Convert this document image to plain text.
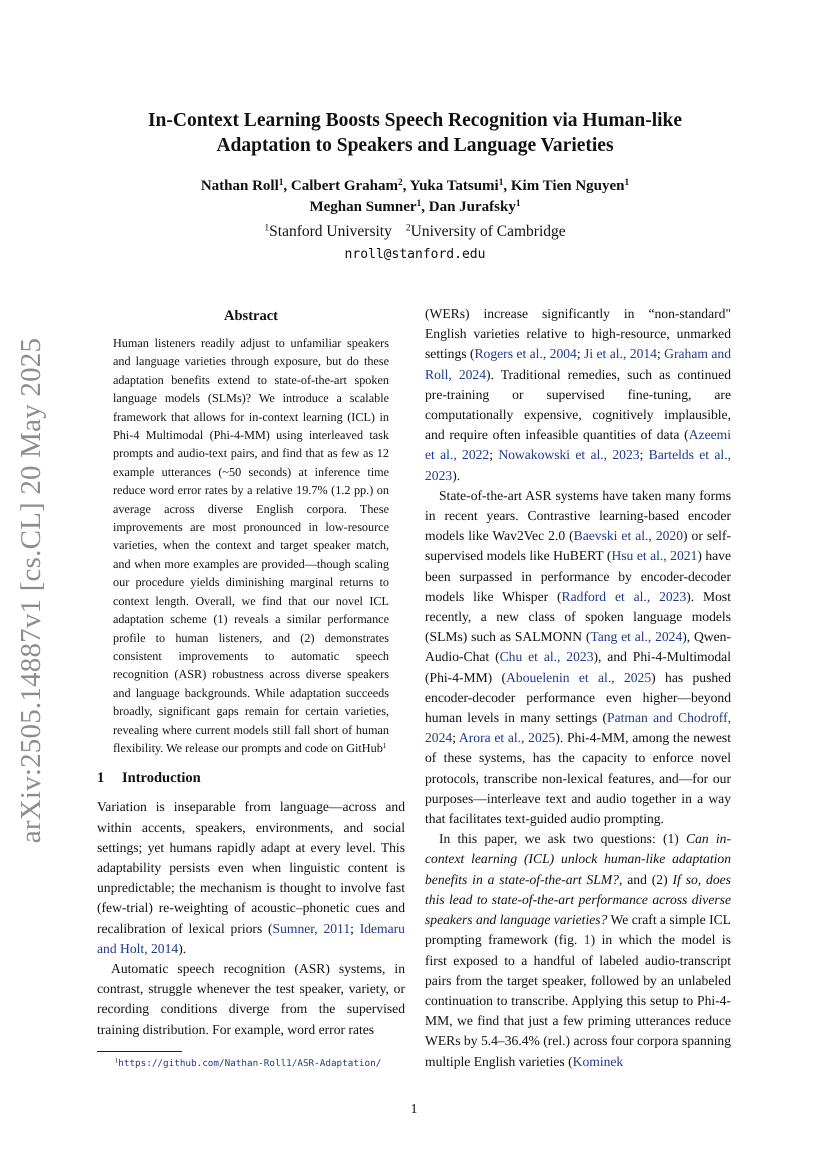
arXiv:2505.14887v1 [cs.CL] 20 May 2025
In-Context Learning Boosts Speech Recognition via Human-like
Adaptation to Speakers and Language Varieties
Nathan Roll$^1$, Calbert Graham$^2$, Yuka Tatsumi$^1$, Kim Tien Nguyen$^1$
Meghan Sumner$^1$, Dan Jurafsky$^1$
$^1$Stanford University $^2$University of Cambridge
nroll@stanford.edu

Abstract

Human listeners readily adjust to unfamiliar speakers and language varieties through exposure, but do these adaptation benefits extend to state-of-the-art spoken language models (SLMs)? We introduce a scalable framework that allows for in-context learning (ICL) in Phi-4 Multimodal (Phi-4-MM) using interleaved task prompts and audio-text pairs, and find that as few as 12 example utterances (~50 seconds) at inference time reduce word error rates by a relative 19.7% (1.2 pp.) on average across diverse English corpora. These improvements are most pronounced in low-resource varieties, when the context and target speaker match, and when more examples are provided—though scaling our procedure yields diminishing marginal returns to context length. Overall, we find that our novel ICL adaptation scheme (1) reveals a similar performance profile to human listeners, and (2) demonstrates consistent improvements to automatic speech recognition (ASR) robustness across diverse speakers and language backgrounds. While adaptation succeeds broadly, significant gaps remain for certain varieties, revealing where current models still fall short of human flexibility. We release our prompts and code on GitHub$^1$

1 Introduction

Variation is inseparable from language—across and within accents, speakers, environments, and social settings; yet humans rapidly adapt at every level. This adaptability persists even when linguistic content is unpredictable; the mechanism is thought to involve fast (few-trial) re-weighting of acoustic–phonetic cues and recalibration of lexical priors (Sumner, 2011; Idemaru and Holt, 2014).

Automatic speech recognition (ASR) systems, in contrast, struggle whenever the test speaker, variety, or recording conditions diverge from the supervised training distribution. For example, word error rates

$^1$https://github.com/Nathan-Roll1/ASR-Adaptation/

(WERs) increase significantly in “non-standard" English varieties relative to high-resource, unmarked settings (Rogers et al., 2004; Ji et al., 2014; Graham and Roll, 2024). Traditional remedies, such as continued pre-training or supervised fine-tuning, are computationally expensive, cognitively implausible, and require often infeasible quantities of data (Azeemi et al., 2022; Nowakowski et al., 2023; Bartelds et al., 2023).

State-of-the-art ASR systems have taken many forms in recent years. Contrastive learning-based encoder models like Wav2Vec 2.0 (Baevski et al., 2020) or self-supervised models like HuBERT (Hsu et al., 2021) have been surpassed in performance by encoder-decoder models like Whisper (Radford et al., 2023). Most recently, a new class of spoken language models (SLMs) such as SALMONN (Tang et al., 2024), Qwen-Audio-Chat (Chu et al., 2023), and Phi-4-Multimodal (Phi-4-MM) (Abouelenin et al., 2025) has pushed encoder-decoder performance even higher—beyond human levels in many settings (Patman and Chodroff, 2024; Arora et al., 2025). Phi-4-MM, among the newest of these systems, has the capacity to enforce novel protocols, transcribe non-lexical features, and—for our purposes—interleave text and audio together in a way that facilitates text-guided audio prompting.

In this paper, we ask two questions: (1) Can in-context learning (ICL) unlock human-like adaptation benefits in a state-of-the-art SLM?, and (2) If so, does this lead to state-of-the-art performance across diverse speakers and language varieties? We craft a simple ICL prompting framework (fig. 1) in which the model is first exposed to a handful of labeled audio-transcript pairs from the target speaker, followed by an unlabeled continuation to transcribe. Applying this setup to Phi-4-MM, we find that just a few priming utterances reduce WERs by 5.4–36.4% (rel.) across four corpora spanning multiple English varieties (Kominek

1
